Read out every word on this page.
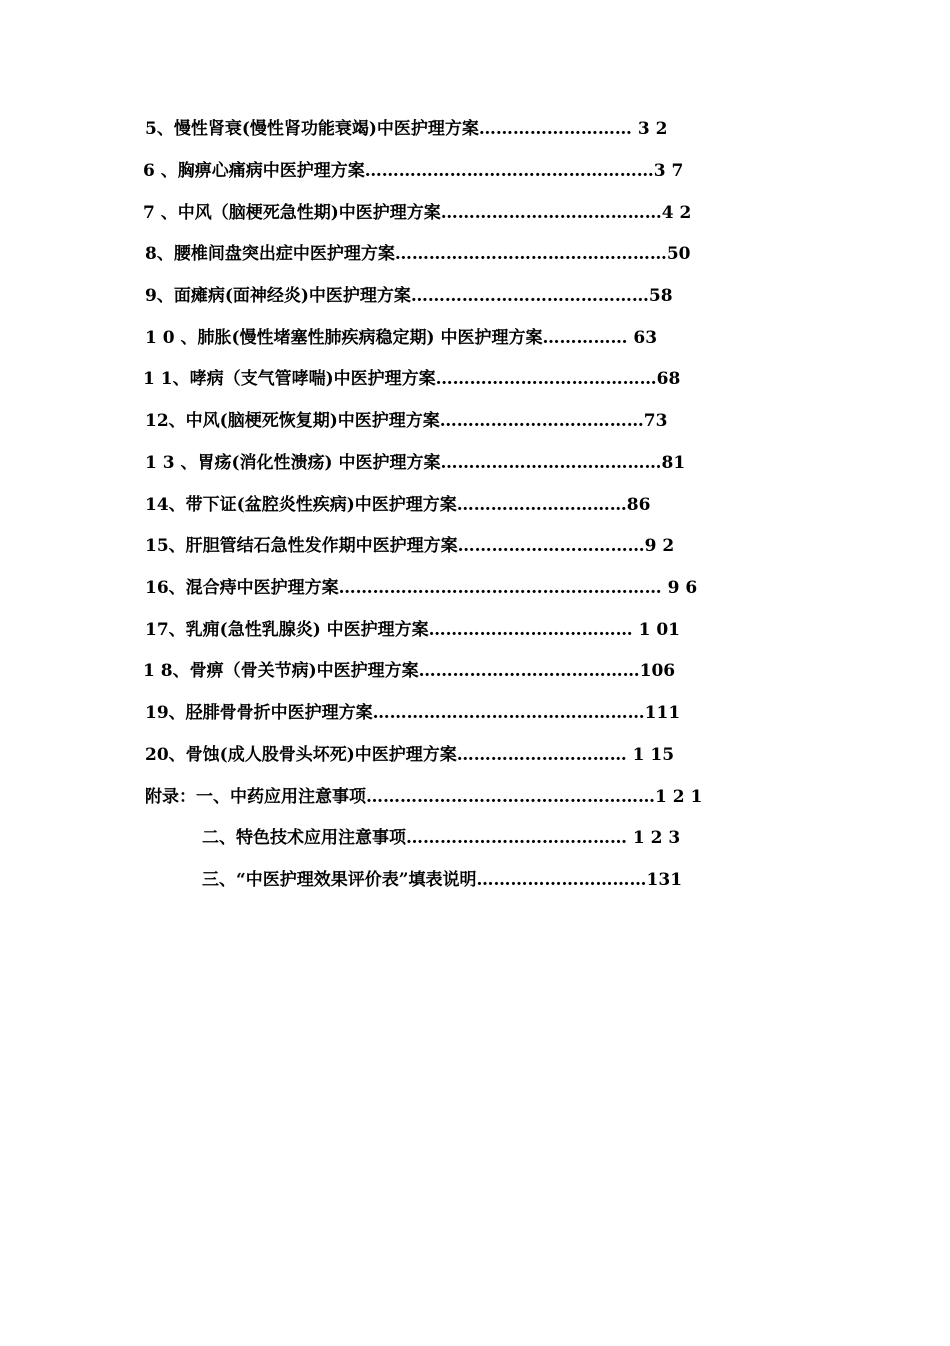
5、慢性肾衰(慢性肾功能衰竭)中医护理方案……………………… 3 2
6 、胸痹心痛病中医护理方案……………………………………………3 7
7 、中风（脑梗死急性期)中医护理方案…………………………………4 2
8、腰椎间盘突出症中医护理方案…………………………………………50
9、面瘫病(面神经炎)中医护理方案……………………………………58
1 0 、肺胀(慢性堵塞性肺疾病稳定期) 中医护理方案…………… 63
1 1、哮病（支气管哮喘)中医护理方案…………………………………68
12、中风(脑梗死恢复期)中医护理方案………………………………73
1 3 、胃疡(消化性溃疡) 中医护理方案…………………………………81
14、带下证(盆腔炎性疾病)中医护理方案…………………………86
15、肝胆管结石急性发作期中医护理方案……………………………9 2
16、混合痔中医护理方案………………………………………………… 9 6
17、乳痈(急性乳腺炎) 中医护理方案……………………………… 1 01
1 8、骨痹（骨关节病)中医护理方案…………………………………106
19、胫腓骨骨折中医护理方案…………………………………………111
20、骨蚀(成人股骨头坏死)中医护理方案………………………… 1 15
附录：一、中药应用注意事项……………………………………………1 2 1
二、特色技术应用注意事项………………………………… 1 2 3
三、“中医护理效果评价表”填表说明…………………………131
